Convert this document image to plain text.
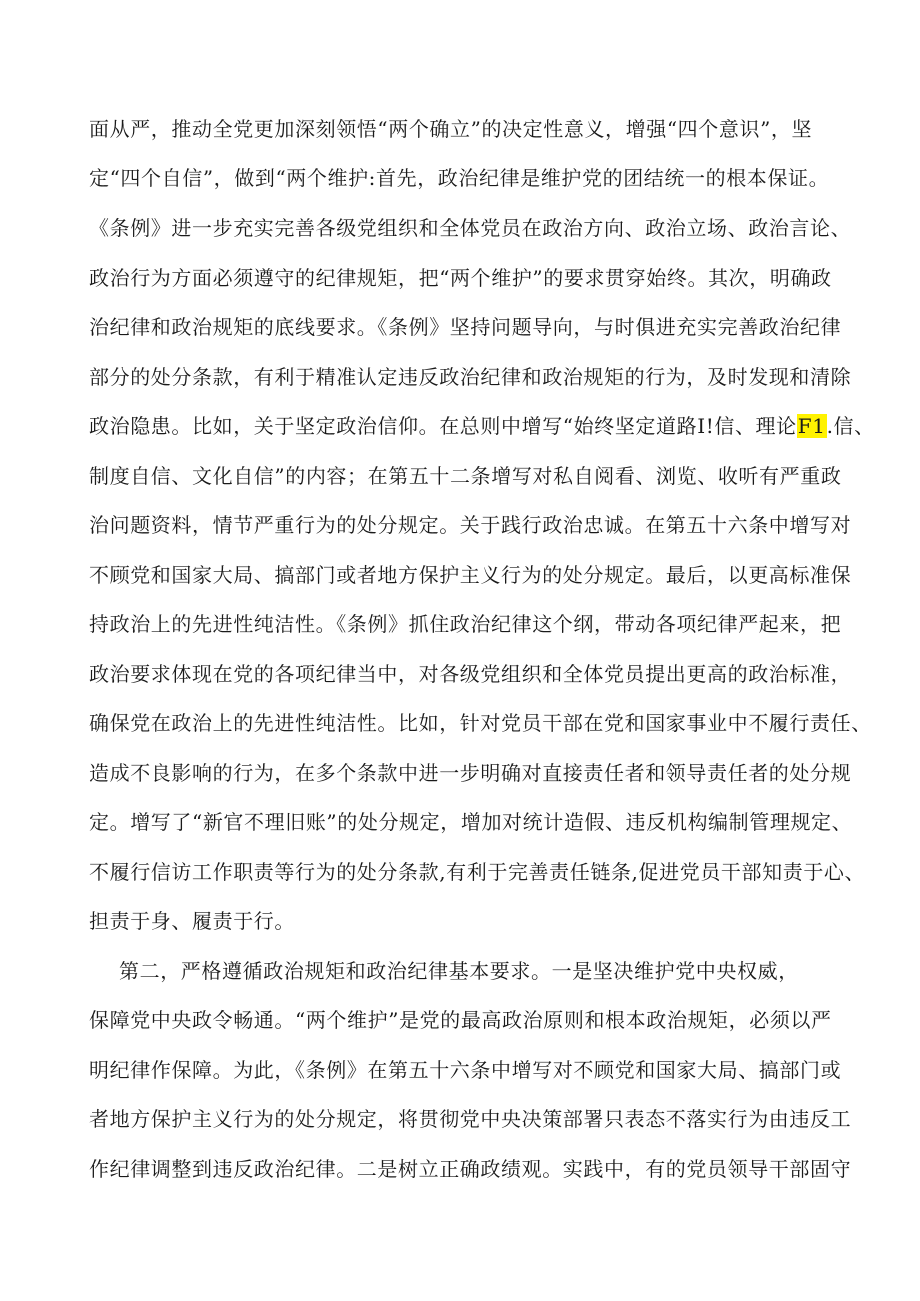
面从严，推动全党更加深刻领悟“两个确立”的决定性意义，增强“四个意识”，坚
定“四个自信”，做到“两个维护:首先，政治纪律是维护党的团结统一的根本保证。
《条例》进一步充实完善各级党组织和全体党员在政治方向、政治立场、政治言论、
政治行为方面必须遵守的纪律规矩，把“两个维护”的要求贯穿始终。其次，明确政
治纪律和政治规矩的底线要求。《条例》坚持问题导向，与时俱进充实完善政治纪律
部分的处分条款，有利于精准认定违反政治纪律和政治规矩的行为，及时发现和清除
政治隐患。比如，关于坚定政治信仰。在总则中增写“始终坚定道路I!信、理论F1.信、
制度自信、文化自信”的内容；在第五十二条增写对私自阅看、浏览、收听有严重政
治问题资料，情节严重行为的处分规定。关于践行政治忠诚。在第五十六条中增写对
不顾党和国家大局、搞部门或者地方保护主义行为的处分规定。最后，以更高标准保
持政治上的先进性纯洁性。《条例》抓住政治纪律这个纲，带动各项纪律严起来，把
政治要求体现在党的各项纪律当中，对各级党组织和全体党员提出更高的政治标准，
确保党在政治上的先进性纯洁性。比如，针对党员干部在党和国家事业中不履行责任、
造成不良影响的行为，在多个条款中进一步明确对直接责任者和领导责任者的处分规
定。增写了“新官不理旧账”的处分规定，增加对统计造假、违反机构编制管理规定、
不履行信访工作职责等行为的处分条款,有利于完善责任链条,促进党员干部知责于心、
担责于身、履责于行。
第二，严格遵循政治规矩和政治纪律基本要求。一是坚决维护党中央权威，
保障党中央政令畅通。“两个维护”是党的最高政治原则和根本政治规矩，必须以严
明纪律作保障。为此，《条例》在第五十六条中增写对不顾党和国家大局、搞部门或
者地方保护主义行为的处分规定，将贯彻党中央决策部署只表态不落实行为由违反工
作纪律调整到违反政治纪律。二是树立正确政绩观。实践中，有的党员领导干部固守
